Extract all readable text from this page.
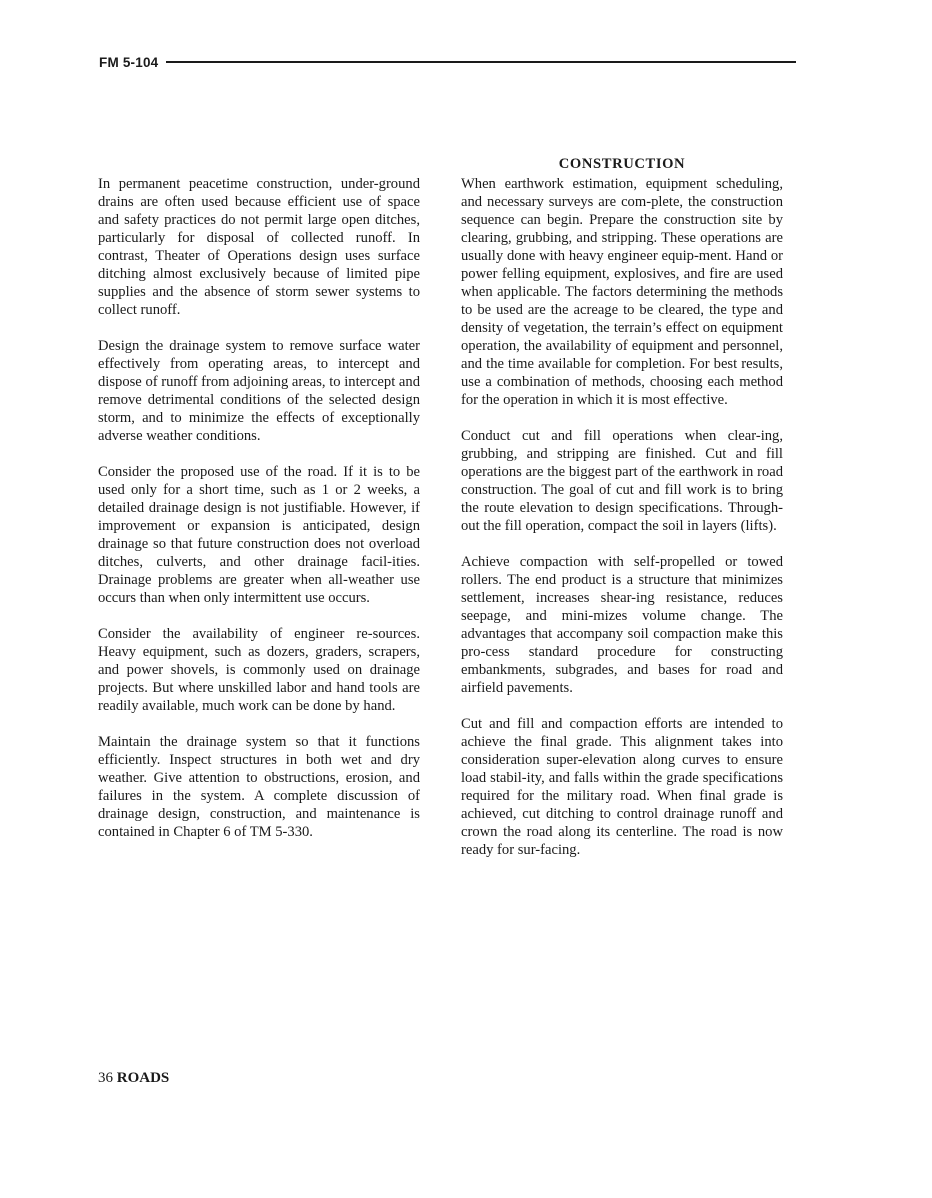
FM 5-104

In permanent peacetime construction, under-ground drains are often used because efficient use of space and safety practices do not permit large open ditches, particularly for disposal of collected runoff. In contrast, Theater of Operations design uses surface ditching almost exclusively because of limited pipe supplies and the absence of storm sewer systems to collect runoff.

Design the drainage system to remove surface water effectively from operating areas, to intercept and dispose of runoff from adjoining areas, to intercept and remove detrimental conditions of the selected design storm, and to minimize the effects of exceptionally adverse weather conditions.

Consider the proposed use of the road. If it is to be used only for a short time, such as 1 or 2 weeks, a detailed drainage design is not justifiable. However, if improvement or expansion is anticipated, design drainage so that future construction does not overload ditches, culverts, and other drainage facil-ities. Drainage problems are greater when all-weather use occurs than when only intermittent use occurs.

Consider the availability of engineer re-sources. Heavy equipment, such as dozers, graders, scrapers, and power shovels, is commonly used on drainage projects. But where unskilled labor and hand tools are readily available, much work can be done by hand.

Maintain the drainage system so that it functions efficiently. Inspect structures in both wet and dry weather. Give attention to obstructions, erosion, and failures in the system. A complete discussion of drainage design, construction, and maintenance is contained in Chapter 6 of TM 5-330.

CONSTRUCTION

When earthwork estimation, equipment scheduling, and necessary surveys are com-plete, the construction sequence can begin. Prepare the construction site by clearing, grubbing, and stripping. These operations are usually done with heavy engineer equip-ment. Hand or power felling equipment, explosives, and fire are used when applicable. The factors determining the methods to be used are the acreage to be cleared, the type and density of vegetation, the terrain’s effect on equipment operation, the availability of equipment and personnel, and the time available for completion. For best results, use a combination of methods, choosing each method for the operation in which it is most effective.

Conduct cut and fill operations when clear-ing, grubbing, and stripping are finished. Cut and fill operations are the biggest part of the earthwork in road construction. The goal of cut and fill work is to bring the route elevation to design specifications. Through-out the fill operation, compact the soil in layers (lifts).

Achieve compaction with self-propelled or towed rollers. The end product is a structure that minimizes settlement, increases shear-ing resistance, reduces seepage, and mini-mizes volume change. The advantages that accompany soil compaction make this pro-cess standard procedure for constructing embankments, subgrades, and bases for road and airfield pavements.

Cut and fill and compaction efforts are intended to achieve the final grade. This alignment takes into consideration super-elevation along curves to ensure load stabil-ity, and falls within the grade specifications required for the military road. When final grade is achieved, cut ditching to control drainage runoff and crown the road along its centerline. The road is now ready for sur-facing.

36 ROADS
